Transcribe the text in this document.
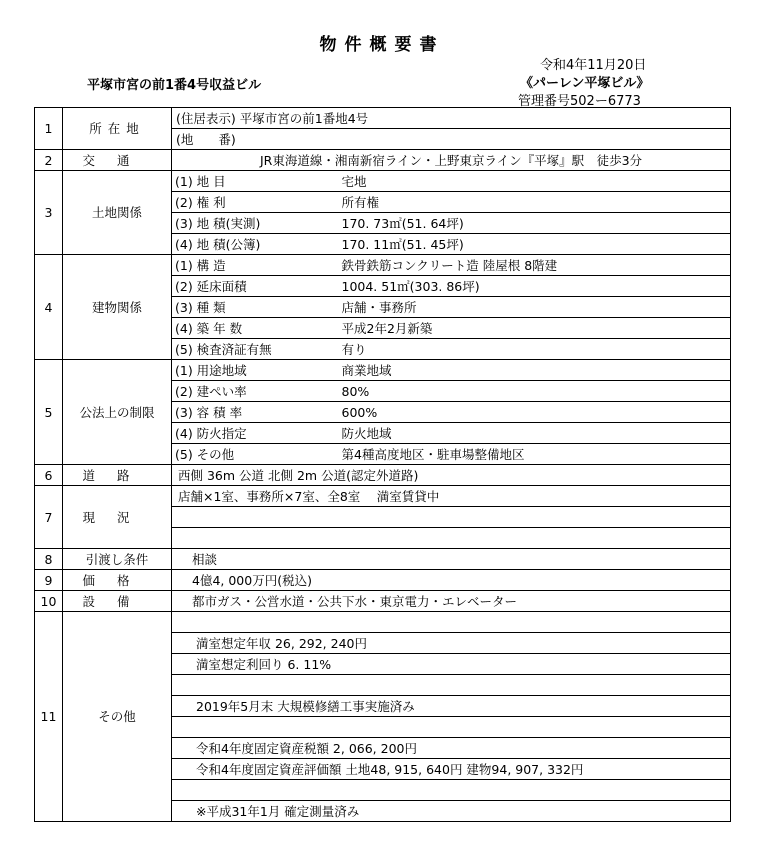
物件概要書
令和4年11月20日
《パーレン平塚ビル》
管理番号502ー6773
平塚市宮の前1番4号収益ビル
1	所在地	(住居表示) 平塚市宮の前1番地4号	
		(地　　番)	
2	交通	JR東海道線・湘南新宿ライン・上野東京ライン『平塚』駅　徒歩3分	
3	土地関係	(1) 地 目	宅地
		(2) 権 利	所有権
		(3) 地 積(実測)	170. 73㎡(51. 64坪)
		(4) 地 積(公簿)	170. 11㎡(51. 45坪)
4	建物関係	(1) 構 造	鉄骨鉄筋コンクリート造 陸屋根 8階建
		(2) 延床面積	1004. 51㎡(303. 86坪)
		(3) 種 類	店舗・事務所
		(4) 築 年 数	平成2年2月新築
		(5) 検査済証有無	有り
5	公法上の制限	(1) 用途地域	商業地域
		(2) 建ぺい率	80%
		(3) 容 積 率	600%
		(4) 防火指定	防火地域
		(5) その他	第4種高度地区・駐車場整備地区
6	道路	西側 36m 公道 北側 2m 公道(認定外道路)	
7	現況	店舗×1室、事務所×7室、全8室　 満室賃貸中	

8	引渡し条件	相談	
9	価格	4億4, 000万円(税込)	
10	設備	都市ガス・公営水道・公共下水・東京電力・エレベーター	
11	その他		
		満室想定年収 26, 292, 240円	
		満室想定利回り 6. 11%	

		2019年5月末 大規模修繕工事実施済み	

		令和4年度固定資産税額 2, 066, 200円	
		令和4年度固定資産評価額 土地48, 915, 640円 建物94, 907, 332円	

		※平成31年1月 確定測量済み	
